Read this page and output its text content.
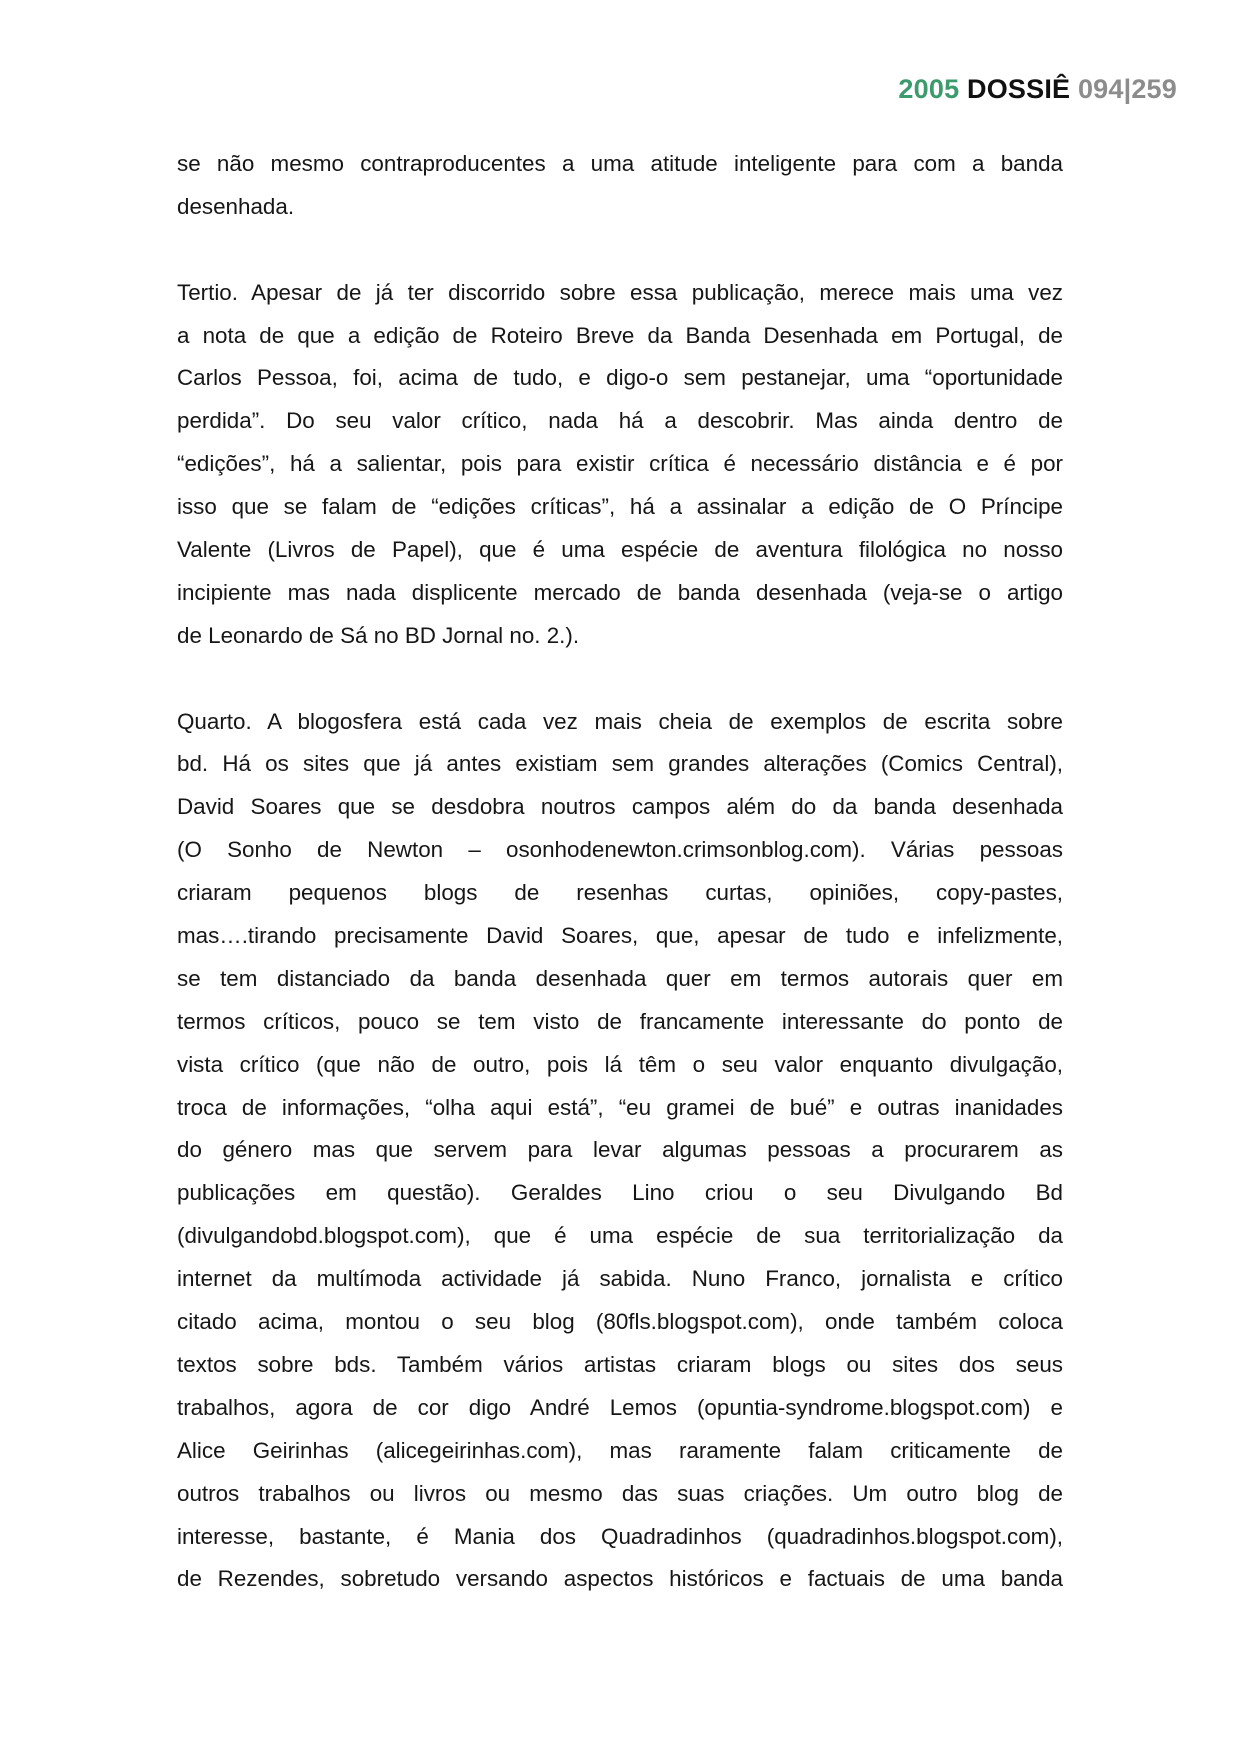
2005 DOSSIÊ 094|259
se não mesmo contraproducentes a uma atitude inteligente para com a banda
desenhada.
Tertio. Apesar de já ter discorrido sobre essa publicação, merece mais uma vez
a nota de que a edição de Roteiro Breve da Banda Desenhada em Portugal, de
Carlos Pessoa, foi, acima de tudo, e digo-o sem pestanejar, uma “oportunidade
perdida”. Do seu valor crítico, nada há a descobrir. Mas ainda dentro de
“edições”, há a salientar, pois para existir crítica é necessário distância e é por
isso que se falam de “edições críticas”, há a assinalar a edição de O Príncipe
Valente (Livros de Papel), que é uma espécie de aventura filológica no nosso
incipiente mas nada displicente mercado de banda desenhada (veja-se o artigo
de Leonardo de Sá no BD Jornal no. 2.).
Quarto. A blogosfera está cada vez mais cheia de exemplos de escrita sobre
bd. Há os sites que já antes existiam sem grandes alterações (Comics Central),
David Soares que se desdobra noutros campos além do da banda desenhada
(O Sonho de Newton – osonhodenewton.crimsonblog.com). Várias pessoas
criaram pequenos blogs de resenhas curtas, opiniões, copy-pastes,
mas….tirando precisamente David Soares, que, apesar de tudo e infelizmente,
se tem distanciado da banda desenhada quer em termos autorais quer em
termos críticos, pouco se tem visto de francamente interessante do ponto de
vista crítico (que não de outro, pois lá têm o seu valor enquanto divulgação,
troca de informações, “olha aqui está”, “eu gramei de bué” e outras inanidades
do género mas que servem para levar algumas pessoas a procurarem as
publicações em questão). Geraldes Lino criou o seu Divulgando Bd
(divulgandobd.blogspot.com), que é uma espécie de sua territorialização da
internet da multímoda actividade já sabida. Nuno Franco, jornalista e crítico
citado acima, montou o seu blog (80fls.blogspot.com), onde também coloca
textos sobre bds. Também vários artistas criaram blogs ou sites dos seus
trabalhos, agora de cor digo André Lemos (opuntia-syndrome.blogspot.com) e
Alice Geirinhas (alicegeirinhas.com), mas raramente falam criticamente de
outros trabalhos ou livros ou mesmo das suas criações. Um outro blog de
interesse, bastante, é Mania dos Quadradinhos (quadradinhos.blogspot.com),
de Rezendes, sobretudo versando aspectos históricos e factuais de uma banda
